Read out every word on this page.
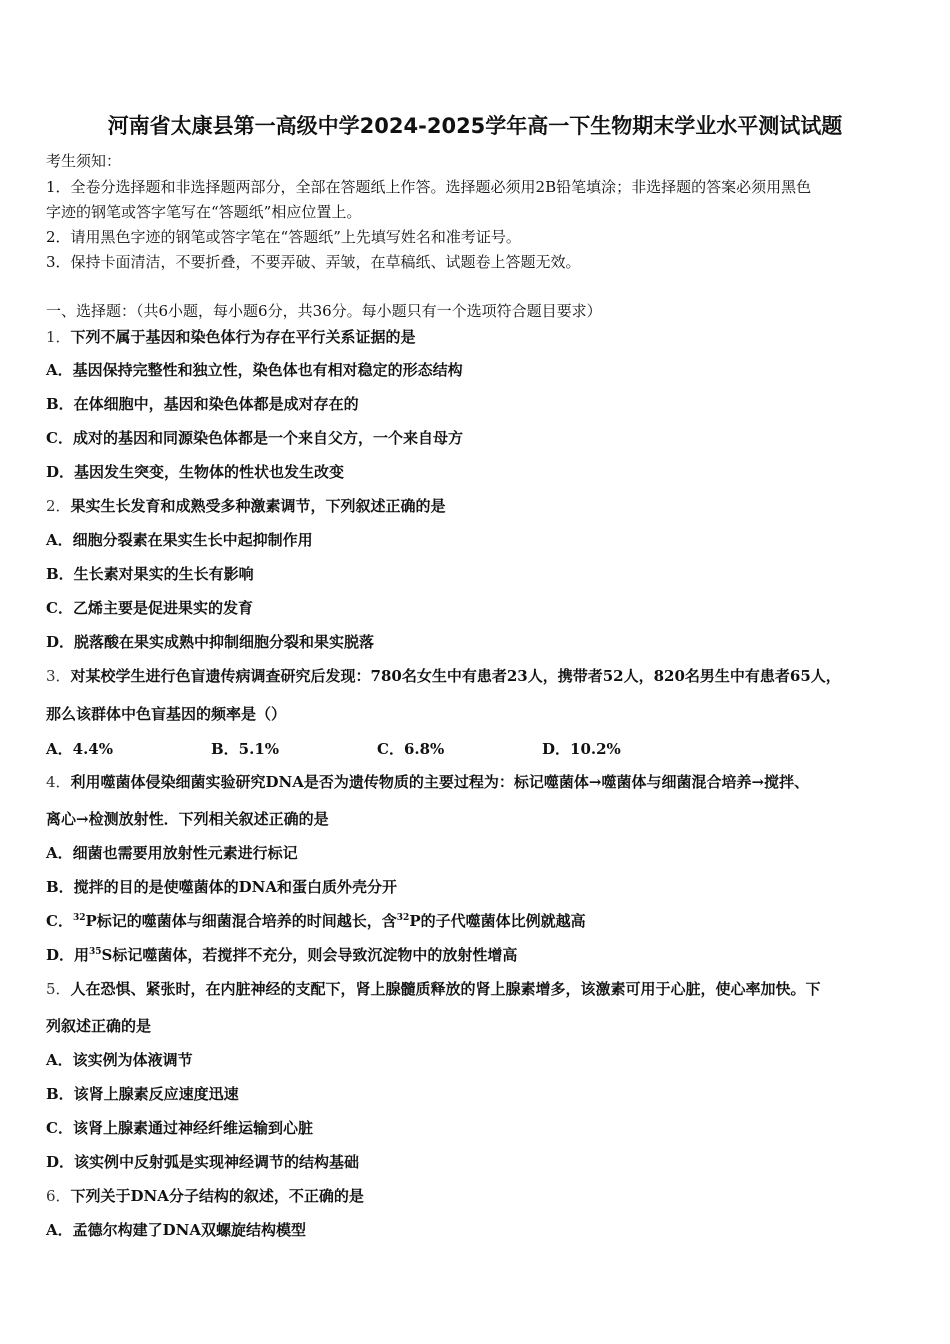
河南省太康县第一高级中学2024-2025学年高一下生物期末学业水平测试试题
考生须知：
1．全卷分选择题和非选择题两部分，全部在答题纸上作答。选择题必须用2B铅笔填涂；非选择题的答案必须用黑色
字迹的钢笔或答字笔写在“答题纸”相应位置上。
2．请用黑色字迹的钢笔或答字笔在“答题纸”上先填写姓名和准考证号。
3．保持卡面清洁，不要折叠，不要弄破、弄皱，在草稿纸、试题卷上答题无效。
一、选择题：（共6小题，每小题6分，共36分。每小题只有一个选项符合题目要求）
1．下列不属于基因和染色体行为存在平行关系证据的是
A．基因保持完整性和独立性，染色体也有相对稳定的形态结构
B．在体细胞中，基因和染色体都是成对存在的
C．成对的基因和同源染色体都是一个来自父方，一个来自母方
D．基因发生突变，生物体的性状也发生改变
2．果实生长发育和成熟受多种激素调节，下列叙述正确的是
A．细胞分裂素在果实生长中起抑制作用
B．生长素对果实的生长有影响
C．乙烯主要是促进果实的发育
D．脱落酸在果实成熟中抑制细胞分裂和果实脱落
3．对某校学生进行色盲遗传病调查研究后发现：780名女生中有患者23人，携带者52人，820名男生中有患者65人，
那么该群体中色盲基因的频率是（）
A．4.4%	B．5.1%	C．6.8%	D．10.2%
4．利用噬菌体侵染细菌实验研究DNA是否为遗传物质的主要过程为：标记噬菌体→噬菌体与细菌混合培养→搅拌、
离心→检测放射性．下列相关叙述正确的是
A．细菌也需要用放射性元素进行标记
B．搅拌的目的是使噬菌体的DNA和蛋白质外壳分开
C．$^{32}$P标记的噬菌体与细菌混合培养的时间越长，含$^{32}$P的子代噬菌体比例就越高
D．用$^{35}$S标记噬菌体，若搅拌不充分，则会导致沉淀物中的放射性增高
5．人在恐惧、紧张时，在内脏神经的支配下，肾上腺髓质释放的肾上腺素增多，该激素可用于心脏，使心率加快。下
列叙述正确的是
A．该实例为体液调节
B．该肾上腺素反应速度迅速
C．该肾上腺素通过神经纤维运输到心脏
D．该实例中反射弧是实现神经调节的结构基础
6．下列关于DNA分子结构的叙述，不正确的是
A．孟德尔构建了DNA双螺旋结构模型
